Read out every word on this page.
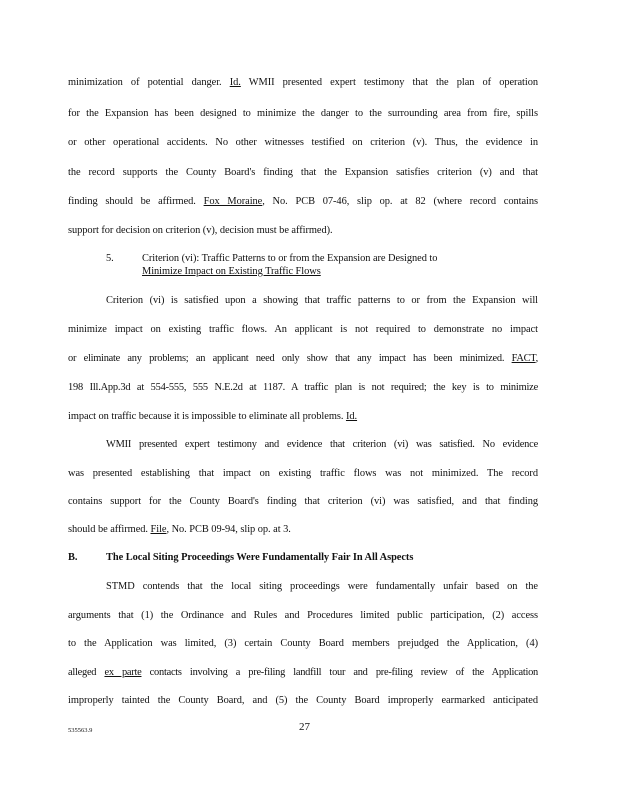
minimization of potential danger. Id. WMII presented expert testimony that the plan of operation
for the Expansion has been designed to minimize the danger to the surrounding area from fire, spills
or other operational accidents. No other witnesses testified on criterion (v). Thus, the evidence in
the record supports the County Board's finding that the Expansion satisfies criterion (v) and that
finding should be affirmed. Fox Moraine, No. PCB 07-46, slip op. at 82 (where record contains
support for decision on criterion (v), decision must be affirmed).
5.	Criterion (vi): Traffic Patterns to or from the Expansion are Designed to
Minimize Impact on Existing Traffic Flows
Criterion (vi) is satisfied upon a showing that traffic patterns to or from the Expansion will
minimize impact on existing traffic flows. An applicant is not required to demonstrate no impact
or eliminate any problems; an applicant need only show that any impact has been minimized. FACT,
198 Ill.App.3d at 554-555, 555 N.E.2d at 1187. A traffic plan is not required; the key is to minimize
impact on traffic because it is impossible to eliminate all problems. Id.
WMII presented expert testimony and evidence that criterion (vi) was satisfied. No evidence
was presented establishing that impact on existing traffic flows was not minimized. The record
contains support for the County Board's finding that criterion (vi) was satisfied, and that finding
should be affirmed. File, No. PCB 09-94, slip op. at 3.
B.	The Local Siting Proceedings Were Fundamentally Fair In All Aspects
STMD contends that the local siting proceedings were fundamentally unfair based on the
arguments that (1) the Ordinance and Rules and Procedures limited public participation, (2) access
to the Application was limited, (3) certain County Board members prejudged the Application, (4)
alleged ex parte contacts involving a pre-filing landfill tour and pre-filing review of the Application
improperly tainted the County Board, and (5) the County Board improperly earmarked anticipated
535563.9	27
